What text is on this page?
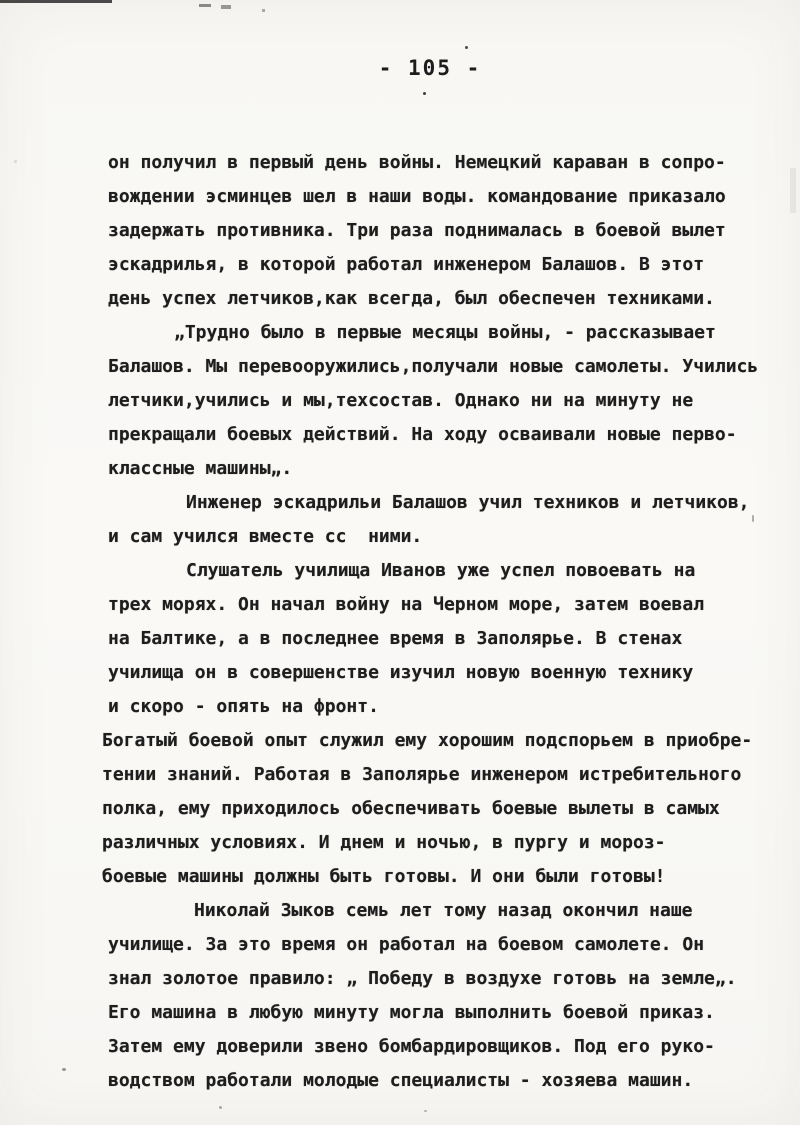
- 105 -
он получил в первый день войны. Немецкий караван в сопро-
вождении эсминцев шел в наши воды. командование приказало
задержать противника. Три раза поднималась в боевой вылет
эскадрилья, в которой работал инженером Балашов. В этот
день успех летчиков,как всегда, был обеспечен техниками.
„Трудно было в первые месяцы войны, - рассказывает
Балашов. Мы перевооружились,получали новые самолеты. Учились
летчики,учились и мы,техсостав. Однако ни на минуту не
прекращали боевых действий. На ходу осваивали новые перво-
классные машины„.
Инженер эскадрильи Балашов учил техников и летчиков,
и сам учился вместе сс  ними.
Слушатель училища Иванов уже успел повоевать на
трех морях. Он начал войну на Черном море, затем воевал
на Балтике, а в последнее время в Заполярье. В стенах
училища он в совершенстве изучил новую военную технику
и скоро - опять на фронт.
Богатый боевой опыт служил ему хорошим подспорьем в приобре-
тении знаний. Работая в Заполярье инженером истребительного
полка, ему приходилось обеспечивать боевые вылеты в самых
различных условиях. И днем и ночью, в пургу и мороз-
боевые машины должны быть готовы. И они были готовы!
Николай Зыков семь лет тому назад окончил наше
училище. За это время он работал на боевом самолете. Он
знал золотое правило: „ Победу в воздухе готовь на земле„.
Его машина в любую минуту могла выполнить боевой приказ.
Затем ему доверили звено бомбардировщиков. Под его руко-
водством работали молодые специалисты - хозяева машин.
